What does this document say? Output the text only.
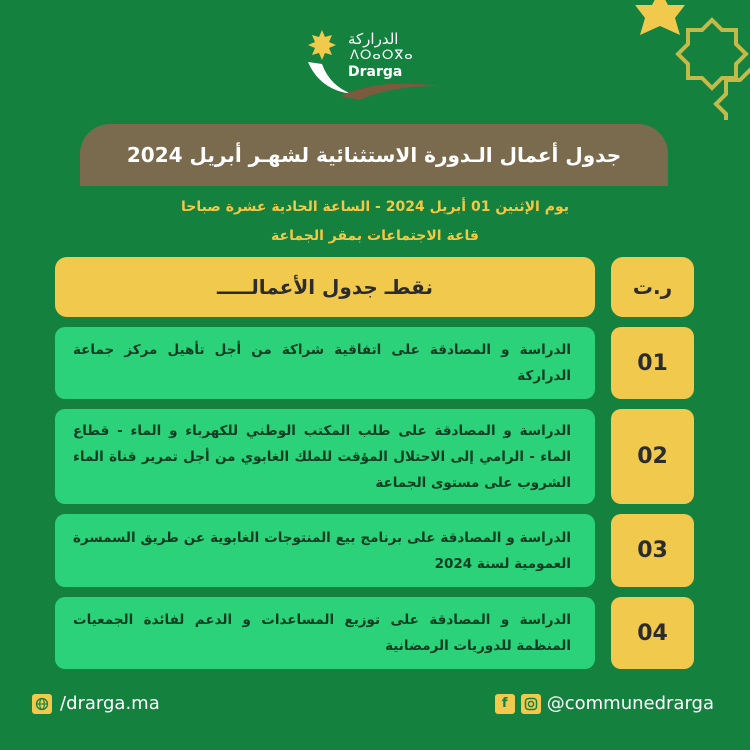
الدراركة
ⴷⵔⴰⵔⴳⴰ
Drarga
جدول أعمال الـدورة الاستثنائية لشهـر أبريل 2024
يوم الإثنين 01 أبريل 2024 - الساعة الحادية عشرة صباحا
قاعة الاجتماعات بمقر الجماعة
نقطـ جدول الأعمالـــــ	ر.ت
الدراسة و المصادقة على اتفاقية شراكة من أجل تأهيل مركز جماعة الدراركة
01
الدراسة و المصادقة على طلب المكتب الوطني للكهرباء و الماء - قطاع الماء - الرامي إلى الاحتلال المؤقت للملك الغابوي من أجل تمرير قناة الماء الشروب على مستوى الجماعة
02
الدراسة و المصادقة على برنامج بيع المنتوجات الغابوية عن طريق السمسرة العمومية لسنة 2024
03
الدراسة و المصادقة على توزيع المساعدات و الدعم لفائدة الجمعيات المنظمة للدوريات الرمضانية
04
/drarga.ma	f	@communedrarga
